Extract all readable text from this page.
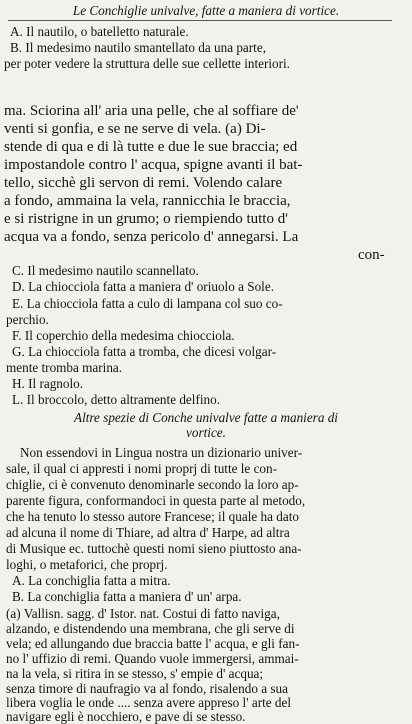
Le Conchiglie univalve, fatte a maniera di vortice.
A. Il nautilo, o batelletto naturale.
B. Il medesimo nautilo smantellato da una parte,
per poter vedere la struttura delle sue cellette interiori.
ma. Sciorina all' aria una pelle, che al soffiare de'
venti si gonfia, e se ne serve di vela. (a) Di-
stende di qua e di là tutte e due le sue braccia; ed
impostandole contro l' acqua, spigne avanti il bat-
tello, sicchè gli servon di remi. Volendo calare
a fondo, ammaina la vela, rannicchia le braccia,
e si ristrigne in un grumo; o riempiendo tutto d'
acqua va a fondo, senza pericolo d' annegarsi. La
con-
C. Il medesimo nautilo scannellato.
D. La chiocciola fatta a maniera d' oriuolo a Sole.
E. La chiocciola fatta a culo di lampana col suo co-
perchio.
F. Il coperchio della medesima chiocciola.
G. La chiocciola fatta a tromba, che dicesi volgar-
mente tromba marina.
H. Il ragnolo.
L. Il broccolo, detto altramente delfino.
Altre spezie di Conche univalve fatte a maniera di
vortice.
Non essendovi in Lingua nostra un dizionario univer-
sale, il qual ci appresti i nomi proprj di tutte le con-
chiglie, ci è convenuto denominarle secondo la loro ap-
parente figura, conformandoci in questa parte al metodo,
che ha tenuto lo stesso autore Francese; il quale ha dato
ad alcuna il nome di Thiare, ad altra d' Harpe, ad altra
di Musique ec. tuttochè questi nomi sieno piuttosto ana-
loghi, o metaforici, che proprj.
A. La conchiglia fatta a mitra.
B. La conchiglia fatta a maniera d' un' arpa.
(a) Vallisn. sagg. d' Istor. nat. Costui di fatto naviga,
alzando, e distendendo una membrana, che gli serve di
vela; ed allungando due braccia batte l' acqua, e gli fan-
no l' uffizio di remi. Quando vuole immergersi, ammai-
na la vela, si ritira in se stesso, s' empie d' acqua;
senza timore di naufragio va al fondo, risalendo a sua
libera voglia le onde .... senza avere appreso l' arte del
navigare egli è nocchiero, e pave di se stesso.
